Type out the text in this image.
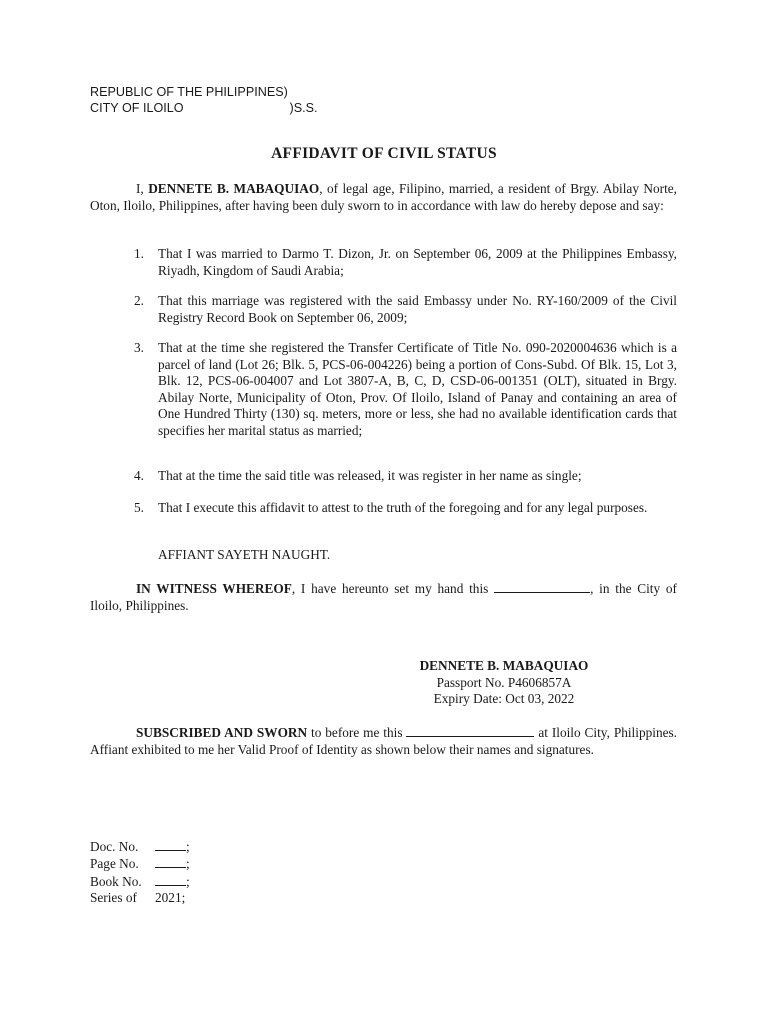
REPUBLIC OF THE PHILIPPINES)
CITY OF ILOILO	)S.S.
AFFIDAVIT OF CIVIL STATUS
I, DENNETE B. MABAQUIAO, of legal age, Filipino, married, a resident of Brgy. Abilay Norte, Oton, Iloilo, Philippines, after having been duly sworn to in accordance with law do hereby depose and say:
1. That I was married to Darmo T. Dizon, Jr. on September 06, 2009 at the Philippines Embassy, Riyadh, Kingdom of Saudi Arabia;
2. That this marriage was registered with the said Embassy under No. RY-160/2009 of the Civil Registry Record Book on September 06, 2009;
3. That at the time she registered the Transfer Certificate of Title No. 090-2020004636 which is a parcel of land (Lot 26; Blk. 5, PCS-06-004226) being a portion of Cons-Subd. Of Blk. 15, Lot 3, Blk. 12, PCS-06-004007 and Lot 3807-A, B, C, D, CSD-06-001351 (OLT), situated in Brgy. Abilay Norte, Municipality of Oton, Prov. Of Iloilo, Island of Panay and containing an area of One Hundred Thirty (130) sq. meters, more or less, she had no available identification cards that specifies her marital status as married;
4. That at the time the said title was released, it was register in her name as single;
5. That I execute this affidavit to attest to the truth of the foregoing and for any legal purposes.
AFFIANT SAYETH NAUGHT.
IN WITNESS WHEREOF, I have hereunto set my hand this	, in the City of Iloilo, Philippines.
DENNETE B. MABAQUIAO
Passport No. P4606857A
Expiry Date: Oct 03, 2022
SUBSCRIBED AND SWORN to before me this	at Iloilo City, Philippines. Affiant exhibited to me her Valid Proof of Identity as shown below their names and signatures.
Doc. No.	;
Page No.	;
Book No.	;
Series of 2021;
